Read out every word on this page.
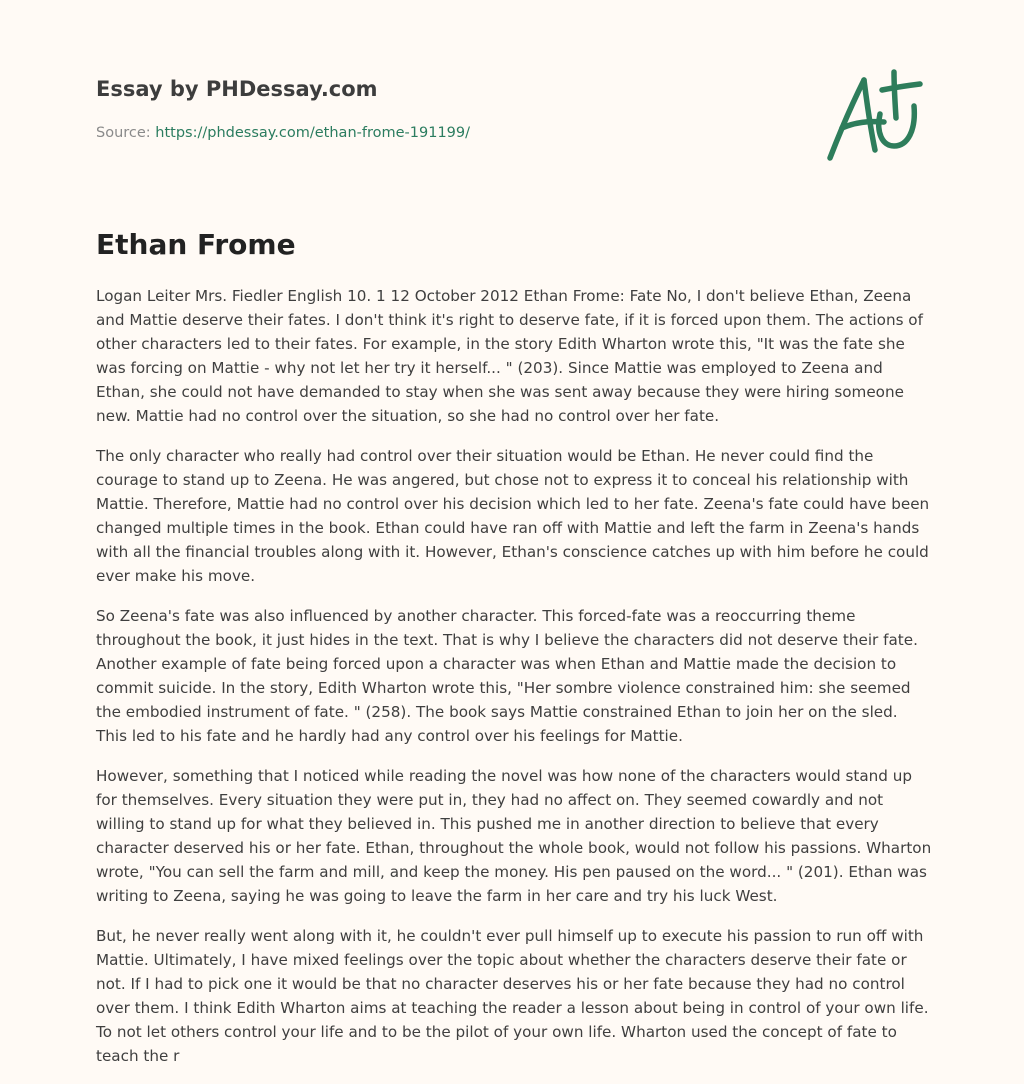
Essay by PHDessay.com
Source: https://phdessay.com/ethan-frome-191199/
Ethan Frome

Logan Leiter Mrs. Fiedler English 10. 1 12 October 2012 Ethan Frome: Fate No, I don't believe Ethan, Zeena and Mattie deserve their fates. I don't think it's right to deserve fate, if it is forced upon them. The actions of other characters led to their fates. For example, in the story Edith Wharton wrote this, "It was the fate she was forcing on Mattie - why not let her try it herself... " (203). Since Mattie was employed to Zeena and Ethan, she could not have demanded to stay when she was sent away because they were hiring someone new. Mattie had no control over the situation, so she had no control over her fate.

The only character who really had control over their situation would be Ethan. He never could find the courage to stand up to Zeena. He was angered, but chose not to express it to conceal his relationship with Mattie. Therefore, Mattie had no control over his decision which led to her fate. Zeena's fate could have been changed multiple times in the book. Ethan could have ran off with Mattie and left the farm in Zeena's hands with all the financial troubles along with it. However, Ethan's conscience catches up with him before he could ever make his move.

So Zeena's fate was also influenced by another character. This forced-fate was a reoccurring theme throughout the book, it just hides in the text. That is why I believe the characters did not deserve their fate. Another example of fate being forced upon a character was when Ethan and Mattie made the decision to commit suicide. In the story, Edith Wharton wrote this, "Her sombre violence constrained him: she seemed the embodied instrument of fate. " (258). The book says Mattie constrained Ethan to join her on the sled. This led to his fate and he hardly had any control over his feelings for Mattie.

However, something that I noticed while reading the novel was how none of the characters would stand up for themselves. Every situation they were put in, they had no affect on. They seemed cowardly and not willing to stand up for what they believed in. This pushed me in another direction to believe that every character deserved his or her fate. Ethan, throughout the whole book, would not follow his passions. Wharton wrote, "You can sell the farm and mill, and keep the money. His pen paused on the word... " (201). Ethan was writing to Zeena, saying he was going to leave the farm in her care and try his luck West.

But, he never really went along with it, he couldn't ever pull himself up to execute his passion to run off with Mattie. Ultimately, I have mixed feelings over the topic about whether the characters deserve their fate or not. If I had to pick one it would be that no character deserves his or her fate because they had no control over them. I think Edith Wharton aims at teaching the reader a lesson about being in control of your own life. To not let others control your life and to be the pilot of your own life. Wharton used the concept of fate to teach the r
